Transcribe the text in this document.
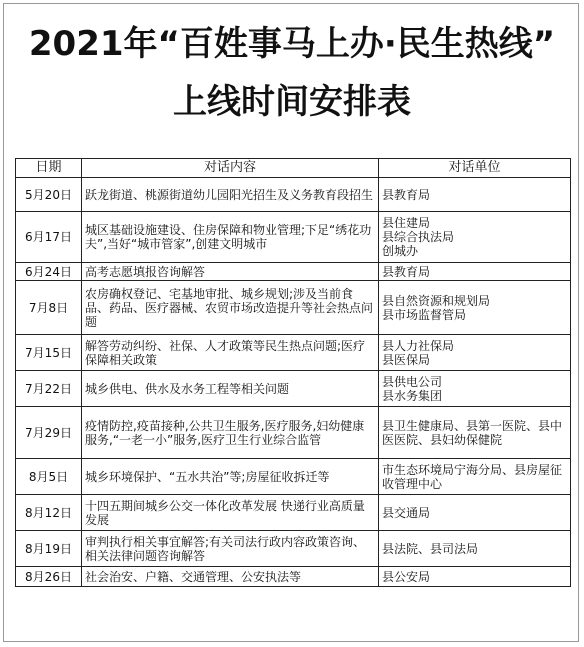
2021年“百姓事马上办·民生热线”
上线时间安排表
日期	对话内容	对话单位
5月20日	跃龙街道、桃源街道幼儿园阳光招生及义务教育段招生	县教育局

6月17日	城区基础设施建设、住房保障和物业管理;下足“绣花功夫”,当好“城市管家”,创建文明城市	县住建局
县综合执法局
创城办

6月24日	高考志愿填报咨询解答	县教育局

7月8日	农房确权登记、宅基地审批、城乡规划;涉及当前食品、药品、医疗器械、农贸市场改造提升等社会热点问题	县自然资源和规划局
县市场监督管局

7月15日	解答劳动纠纷、社保、人才政策等民生热点问题;医疗保障相关政策	县人力社保局
县医保局

7月22日	城乡供电、供水及水务工程等相关问题	县供电公司
县水务集团

7月29日	疫情防控,疫苗接种,公共卫生服务,医疗服务,妇幼健康服务,“一老一小”服务,医疗卫生行业综合监管	县卫生健康局、县第一医院、县中医医院、县妇幼保健院

8月5日	城乡环境保护、“五水共治”等;房屋征收拆迁等	市生态环境局宁海分局、县房屋征收管理中心

8月12日	十四五期间城乡公交一体化改革发展 快递行业高质量发展	县交通局

8月19日	审判执行相关事宜解答;有关司法行政内容政策咨询、相关法律问题咨询解答	县法院、县司法局

8月26日	社会治安、户籍、交通管理、公安执法等	县公安局
